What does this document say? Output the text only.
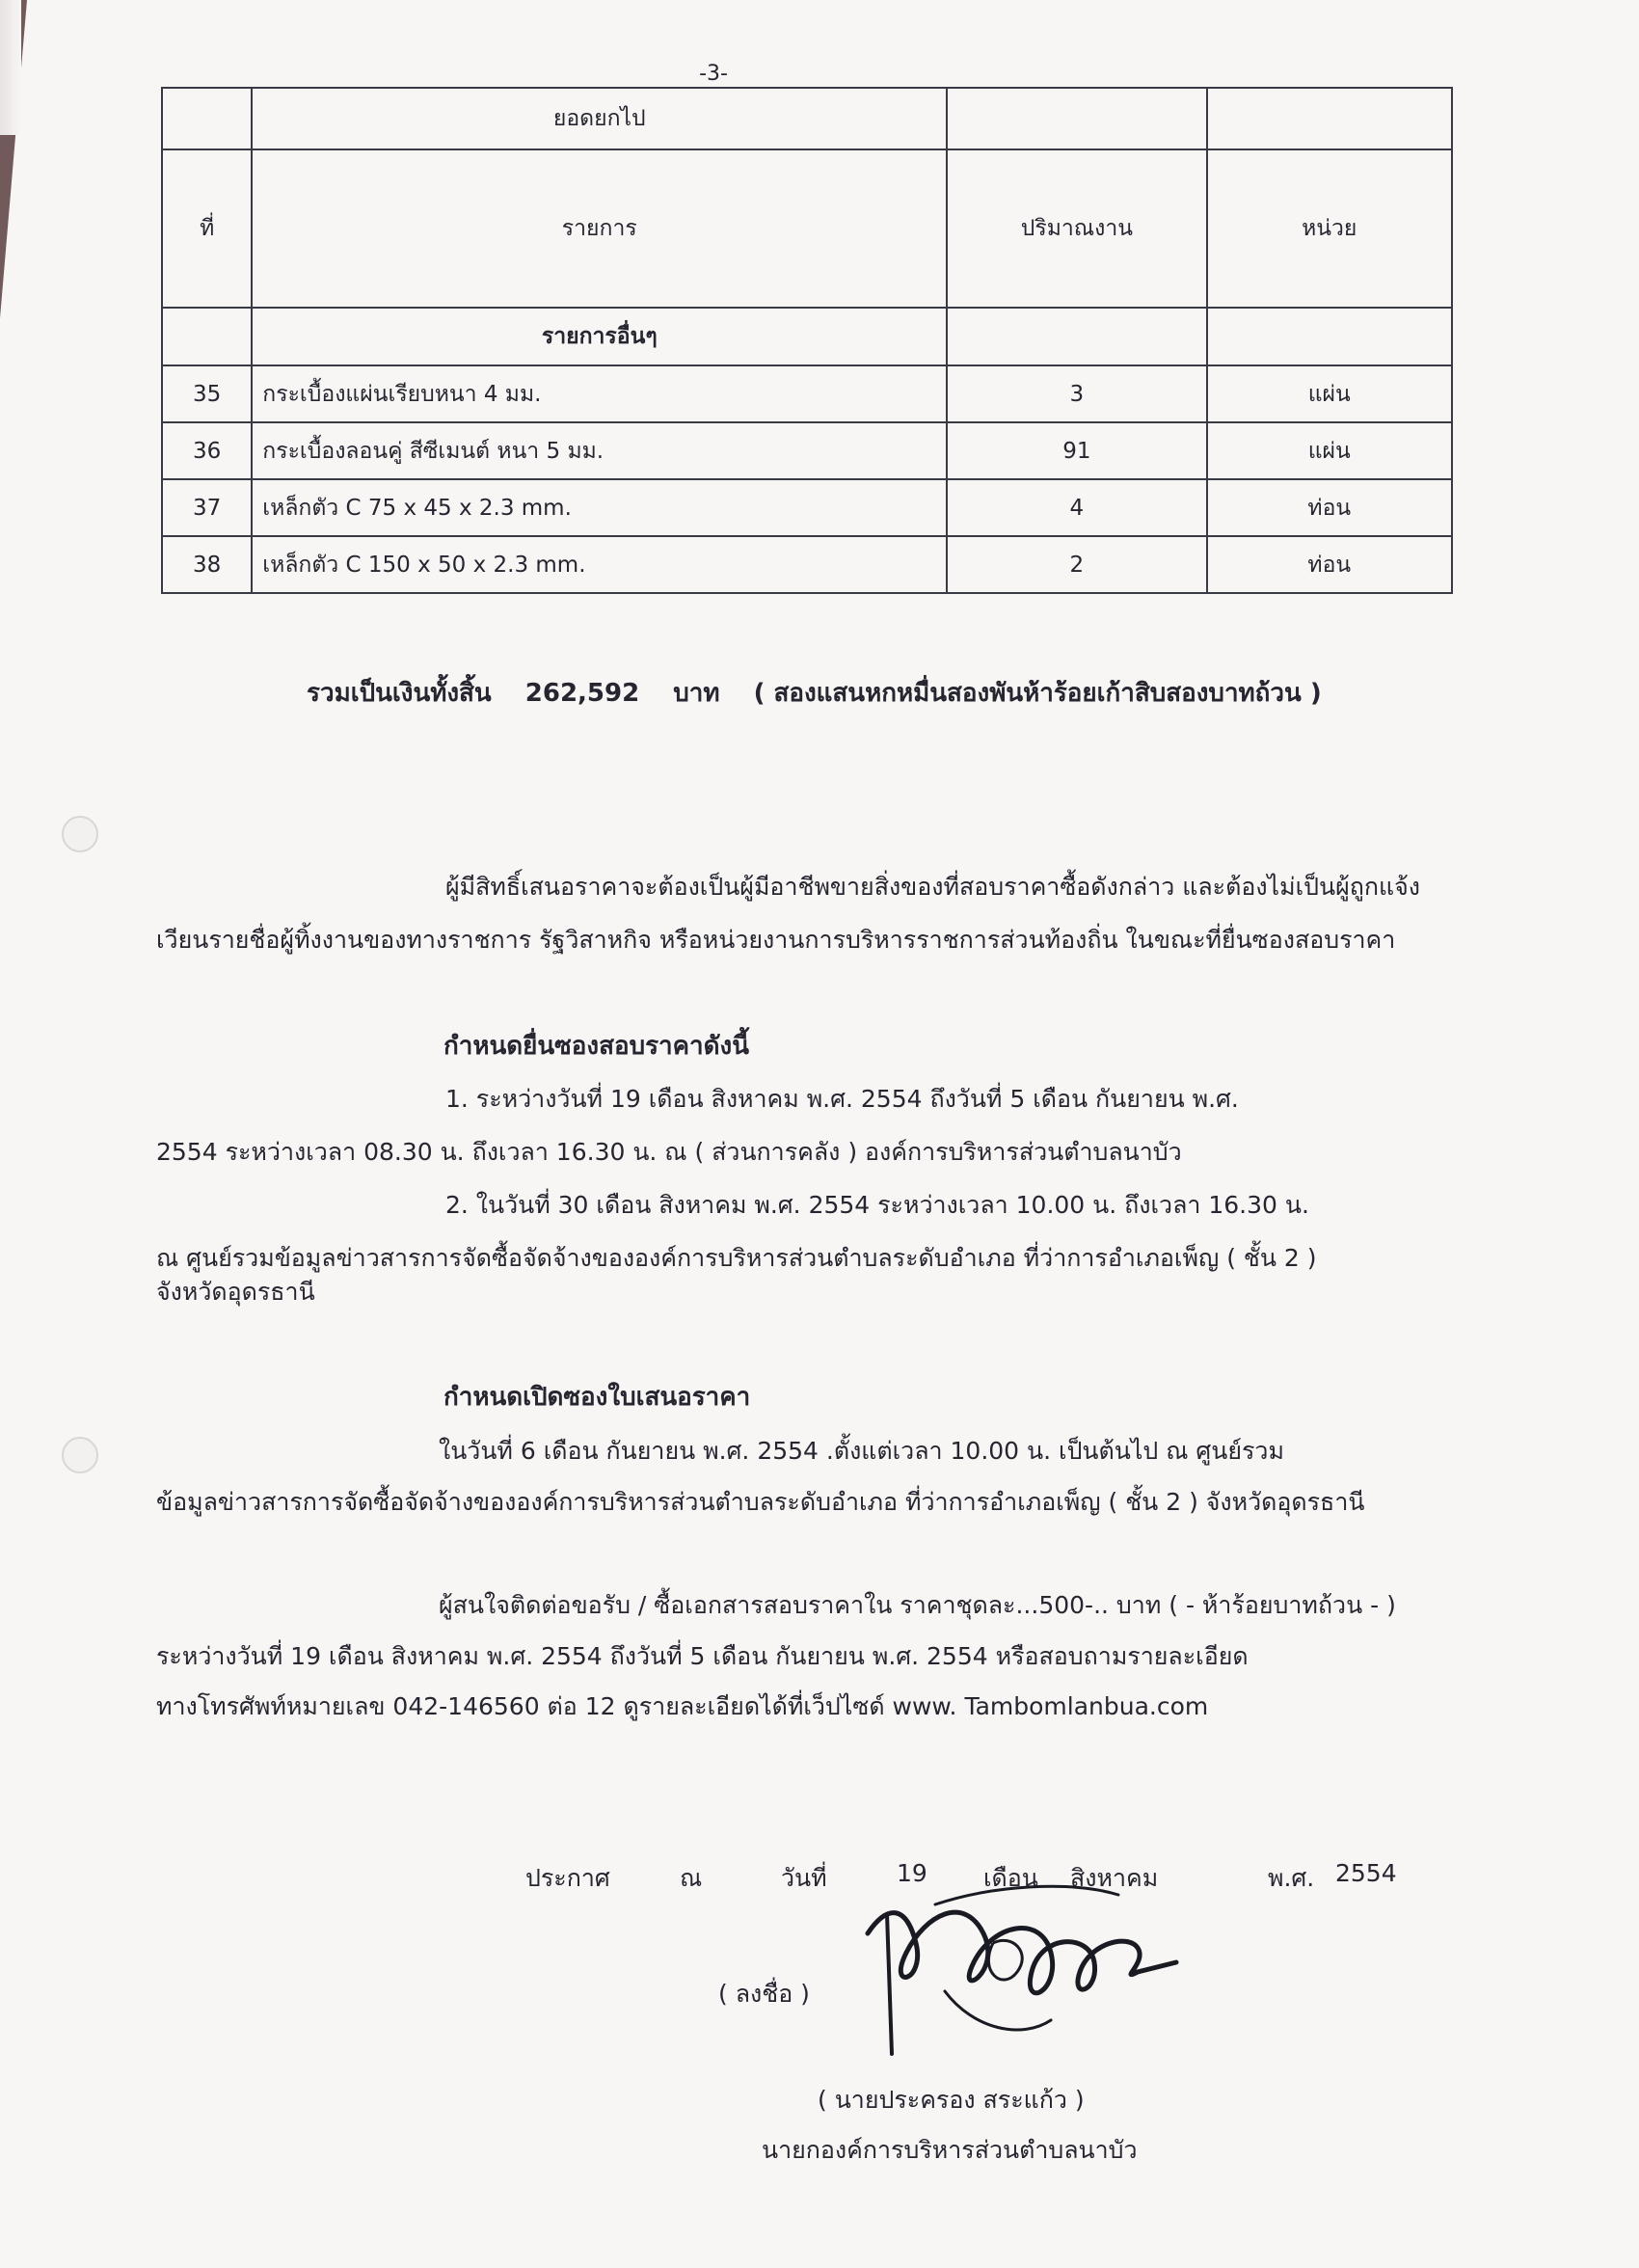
-3-
	ยอดยกไป		
ที่	รายการ	ปริมาณงาน	หน่วย
	รายการอื่นๆ		
35	กระเบื้องแผ่นเรียบหนา 4 มม.	3	แผ่น
36	กระเบื้องลอนคู่ สีซีเมนต์ หนา 5 มม.	91	แผ่น
37	เหล็กตัว C 75 x 45 x 2.3 mm.	4	ท่อน
38	เหล็กตัว C 150 x 50 x 2.3 mm.	2	ท่อน
รวมเป็นเงินทั้งสิ้น 262,592 บาท ( สองแสนหกหมื่นสองพันห้าร้อยเก้าสิบสองบาทถ้วน )
ผู้มีสิทธิ์เสนอราคาจะต้องเป็นผู้มีอาชีพขายสิ่งของที่สอบราคาซื้อดังกล่าว และต้องไม่เป็นผู้ถูกแจ้ง
เวียนรายชื่อผู้ทิ้งงานของทางราชการ รัฐวิสาหกิจ หรือหน่วยงานการบริหารราชการส่วนท้องถิ่น ในขณะที่ยื่นซองสอบราคา
กำหนดยื่นซองสอบราคาดังนี้
1. ระหว่างวันที่ 19 เดือน สิงหาคม พ.ศ. 2554 ถึงวันที่ 5 เดือน กันยายน พ.ศ.
2554 ระหว่างเวลา 08.30 น. ถึงเวลา 16.30 น. ณ ( ส่วนการคลัง ) องค์การบริหารส่วนตำบลนาบัว
2. ในวันที่ 30 เดือน สิงหาคม พ.ศ. 2554 ระหว่างเวลา 10.00 น. ถึงเวลา 16.30 น.
ณ ศูนย์รวมข้อมูลข่าวสารการจัดซื้อจัดจ้างขององค์การบริหารส่วนตำบลระดับอำเภอ ที่ว่าการอำเภอเพ็ญ ( ชั้น 2 )
จังหวัดอุดรธานี
กำหนดเปิดซองใบเสนอราคา
ในวันที่ 6 เดือน กันยายน พ.ศ. 2554 .ตั้งแต่เวลา 10.00 น. เป็นต้นไป ณ ศูนย์รวม
ข้อมูลข่าวสารการจัดซื้อจัดจ้างขององค์การบริหารส่วนตำบลระดับอำเภอ ที่ว่าการอำเภอเพ็ญ ( ชั้น 2 ) จังหวัดอุดรธานี
ผู้สนใจติดต่อขอรับ / ซื้อเอกสารสอบราคาใน ราคาชุดละ...500-.. บาท ( - ห้าร้อยบาทถ้วน - )
ระหว่างวันที่ 19 เดือน สิงหาคม พ.ศ. 2554 ถึงวันที่ 5 เดือน กันยายน พ.ศ. 2554 หรือสอบถามรายละเอียด
ทางโทรศัพท์หมายเลข 042-146560 ต่อ 12 ดูรายละเอียดได้ที่เว็ปไซด์ www. Tambomlanbua.com
ประกาศ	ณ	วันที่	19 เดือน สิงหาคม	พ.ศ. 2554
( ลงชื่อ )
( นายประครอง สระแก้ว )
นายกองค์การบริหารส่วนตำบลนาบัว
